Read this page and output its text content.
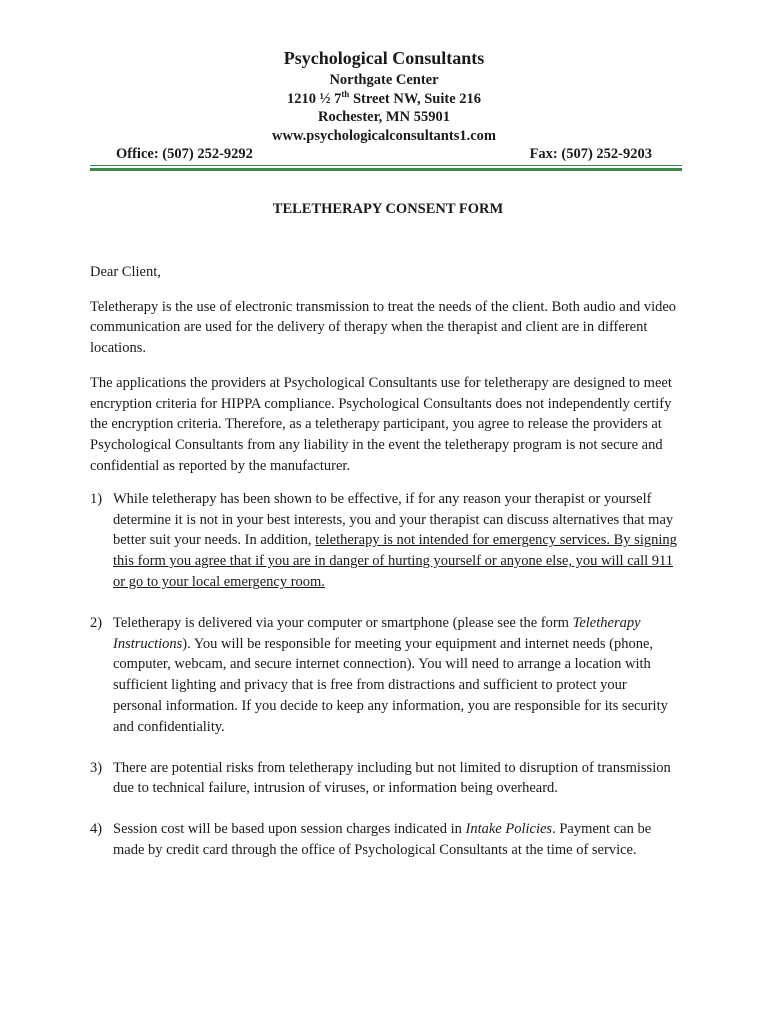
Psychological Consultants
Northgate Center
1210 ½ 7th Street NW, Suite 216
Rochester, MN 55901
www.psychologicalconsultants1.com
Office: (507) 252-9292	Fax: (507) 252-9203
TELETHERAPY CONSENT FORM
Dear Client,

Teletherapy is the use of electronic transmission to treat the needs of the client. Both audio and video communication are used for the delivery of therapy when the therapist and client are in different locations.

The applications the providers at Psychological Consultants use for teletherapy are designed to meet encryption criteria for HIPPA compliance. Psychological Consultants does not independently certify the encryption criteria. Therefore, as a teletherapy participant, you agree to release the providers at Psychological Consultants from any liability in the event the teletherapy program is not secure and confidential as reported by the manufacturer.

1) While teletherapy has been shown to be effective, if for any reason your therapist or yourself determine it is not in your best interests, you and your therapist can discuss alternatives that may better suit your needs. In addition, teletherapy is not intended for emergency services. By signing this form you agree that if you are in danger of hurting yourself or anyone else, you will call 911 or go to your local emergency room.
2) Teletherapy is delivered via your computer or smartphone (please see the form Teletherapy Instructions). You will be responsible for meeting your equipment and internet needs (phone, computer, webcam, and secure internet connection). You will need to arrange a location with sufficient lighting and privacy that is free from distractions and sufficient to protect your personal information. If you decide to keep any information, you are responsible for its security and confidentiality.
3) There are potential risks from teletherapy including but not limited to disruption of transmission due to technical failure, intrusion of viruses, or information being overheard.
4) Session cost will be based upon session charges indicated in Intake Policies. Payment can be made by credit card through the office of Psychological Consultants at the time of service.
